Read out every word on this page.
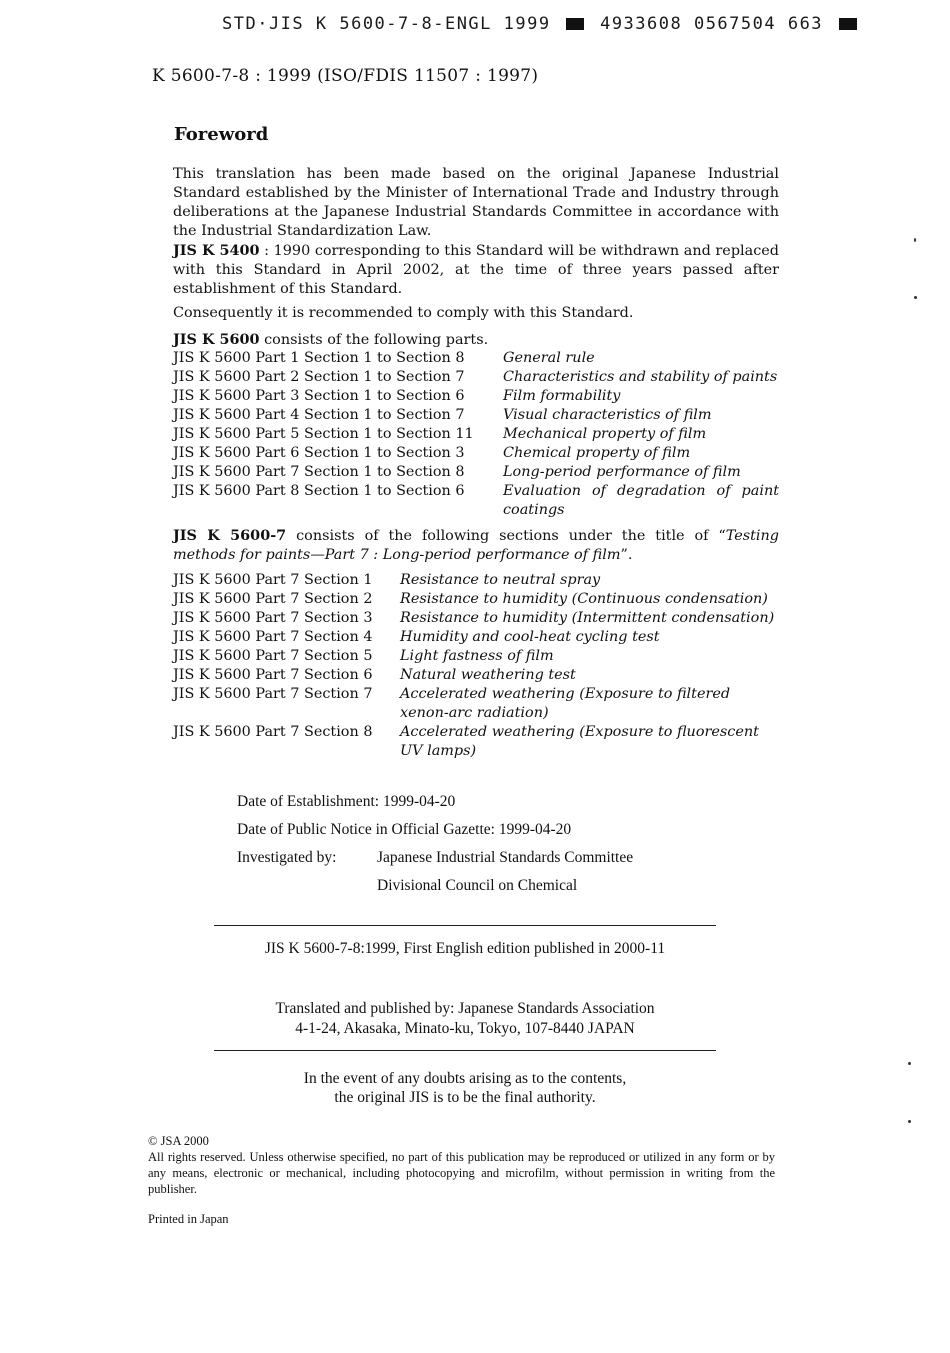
STD·JIS K 5600-7-8-ENGL 1999	4933608 0567504 663
K 5600-7-8 : 1999 (ISO/FDIS 11507 : 1997)
Foreword
This translation has been made based on the original Japanese Industrial Standard established by the Minister of International Trade and Industry through deliberations at the Japanese Industrial Standards Committee in accordance with the Industrial Standardization Law.
JIS K 5400 : 1990 corresponding to this Standard will be withdrawn and replaced with this Standard in April 2002, at the time of three years passed after establishment of this Standard.
Consequently it is recommended to comply with this Standard.
JIS K 5600 consists of the following parts.
JIS K 5600 Part 1 Section 1 to Section 8	General rule
JIS K 5600 Part 2 Section 1 to Section 7	Characteristics and stability of paints
JIS K 5600 Part 3 Section 1 to Section 6	Film formability
JIS K 5600 Part 4 Section 1 to Section 7	Visual characteristics of film
JIS K 5600 Part 5 Section 1 to Section 11 Mechanical property of film
JIS K 5600 Part 6 Section 1 to Section 3	Chemical property of film
JIS K 5600 Part 7 Section 1 to Section 8	Long-period performance of film
JIS K 5600 Part 8 Section 1 to Section 6	Evaluation of degradation of paint coatings
JIS K 5600-7 consists of the following sections under the title of “Testing methods for paints—Part 7 : Long-period performance of film”.
JIS K 5600 Part 7 Section 1 Resistance to neutral spray
JIS K 5600 Part 7 Section 2 Resistance to humidity (Continuous condensation)
JIS K 5600 Part 7 Section 3 Resistance to humidity (Intermittent condensation)
JIS K 5600 Part 7 Section 4 Humidity and cool-heat cycling test
JIS K 5600 Part 7 Section 5 Light fastness of film
JIS K 5600 Part 7 Section 6 Natural weathering test
JIS K 5600 Part 7 Section 7 Accelerated weathering (Exposure to filtered xenon-arc radiation)
JIS K 5600 Part 7 Section 8 Accelerated weathering (Exposure to fluorescent UV lamps)
Date of Establishment: 1999-04-20
Date of Public Notice in Official Gazette: 1999-04-20
Investigated by:	Japanese Industrial Standards Committee
Divisional Council on Chemical
JIS K 5600-7-8:1999, First English edition published in 2000-11
Translated and published by: Japanese Standards Association
4-1-24, Akasaka, Minato-ku, Tokyo, 107-8440 JAPAN
In the event of any doubts arising as to the contents,
the original JIS is to be the final authority.
© JSA 2000
All rights reserved. Unless otherwise specified, no part of this publication may be reproduced or utilized in any form or by any means, electronic or mechanical, including photocopying and microfilm, without permission in writing from the publisher.
Printed in Japan
